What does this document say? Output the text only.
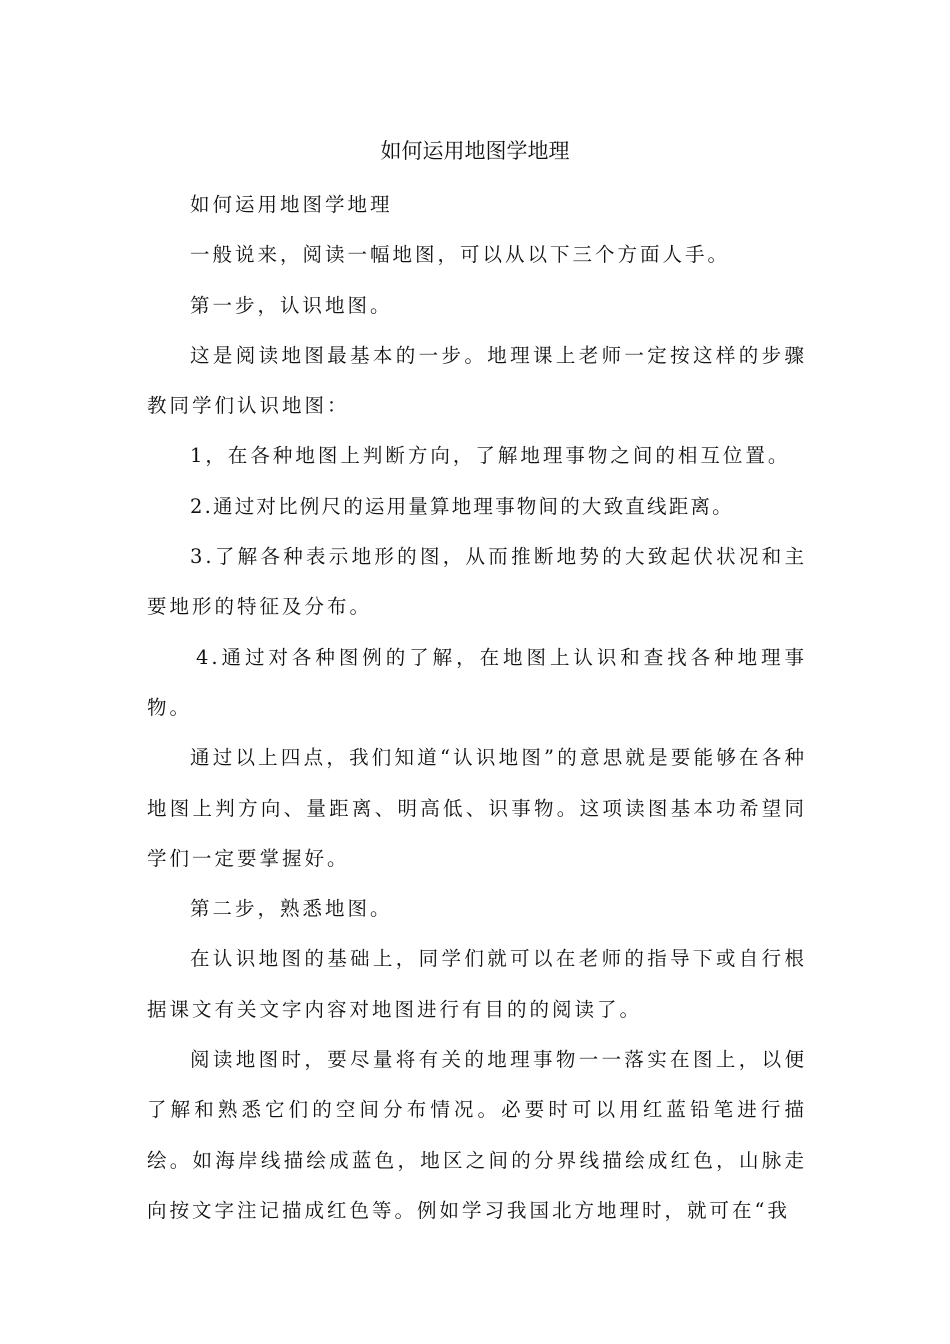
如何运用地图学地理

如何运用地图学地理

一般说来，阅读一幅地图，可以从以下三个方面人手。

第一步，认识地图。

这是阅读地图最基本的一步。地理课上老师一定按这样的步骤教同学们认识地图：

1，在各种地图上判断方向，了解地理事物之间的相互位置。

2.通过对比例尺的运用量算地理事物间的大致直线距离。

3.了解各种表示地形的图，从而推断地势的大致起伏状况和主要地形的特征及分布。

4.通过对各种图例的了解，在地图上认识和查找各种地理事物。

通过以上四点，我们知道“认识地图”的意思就是要能够在各种地图上判方向、量距离、明高低、识事物。这项读图基本功希望同学们一定要掌握好。

第二步，熟悉地图。

在认识地图的基础上，同学们就可以在老师的指导下或自行根据课文有关文字内容对地图进行有目的的阅读了。

阅读地图时，要尽量将有关的地理事物一一落实在图上，以便了解和熟悉它们的空间分布情况。必要时可以用红蓝铅笔进行描绘。如海岸线描绘成蓝色，地区之间的分界线描绘成红色，山脉走向按文字注记描成红色等。例如学习我国北方地理时，就可在“我
